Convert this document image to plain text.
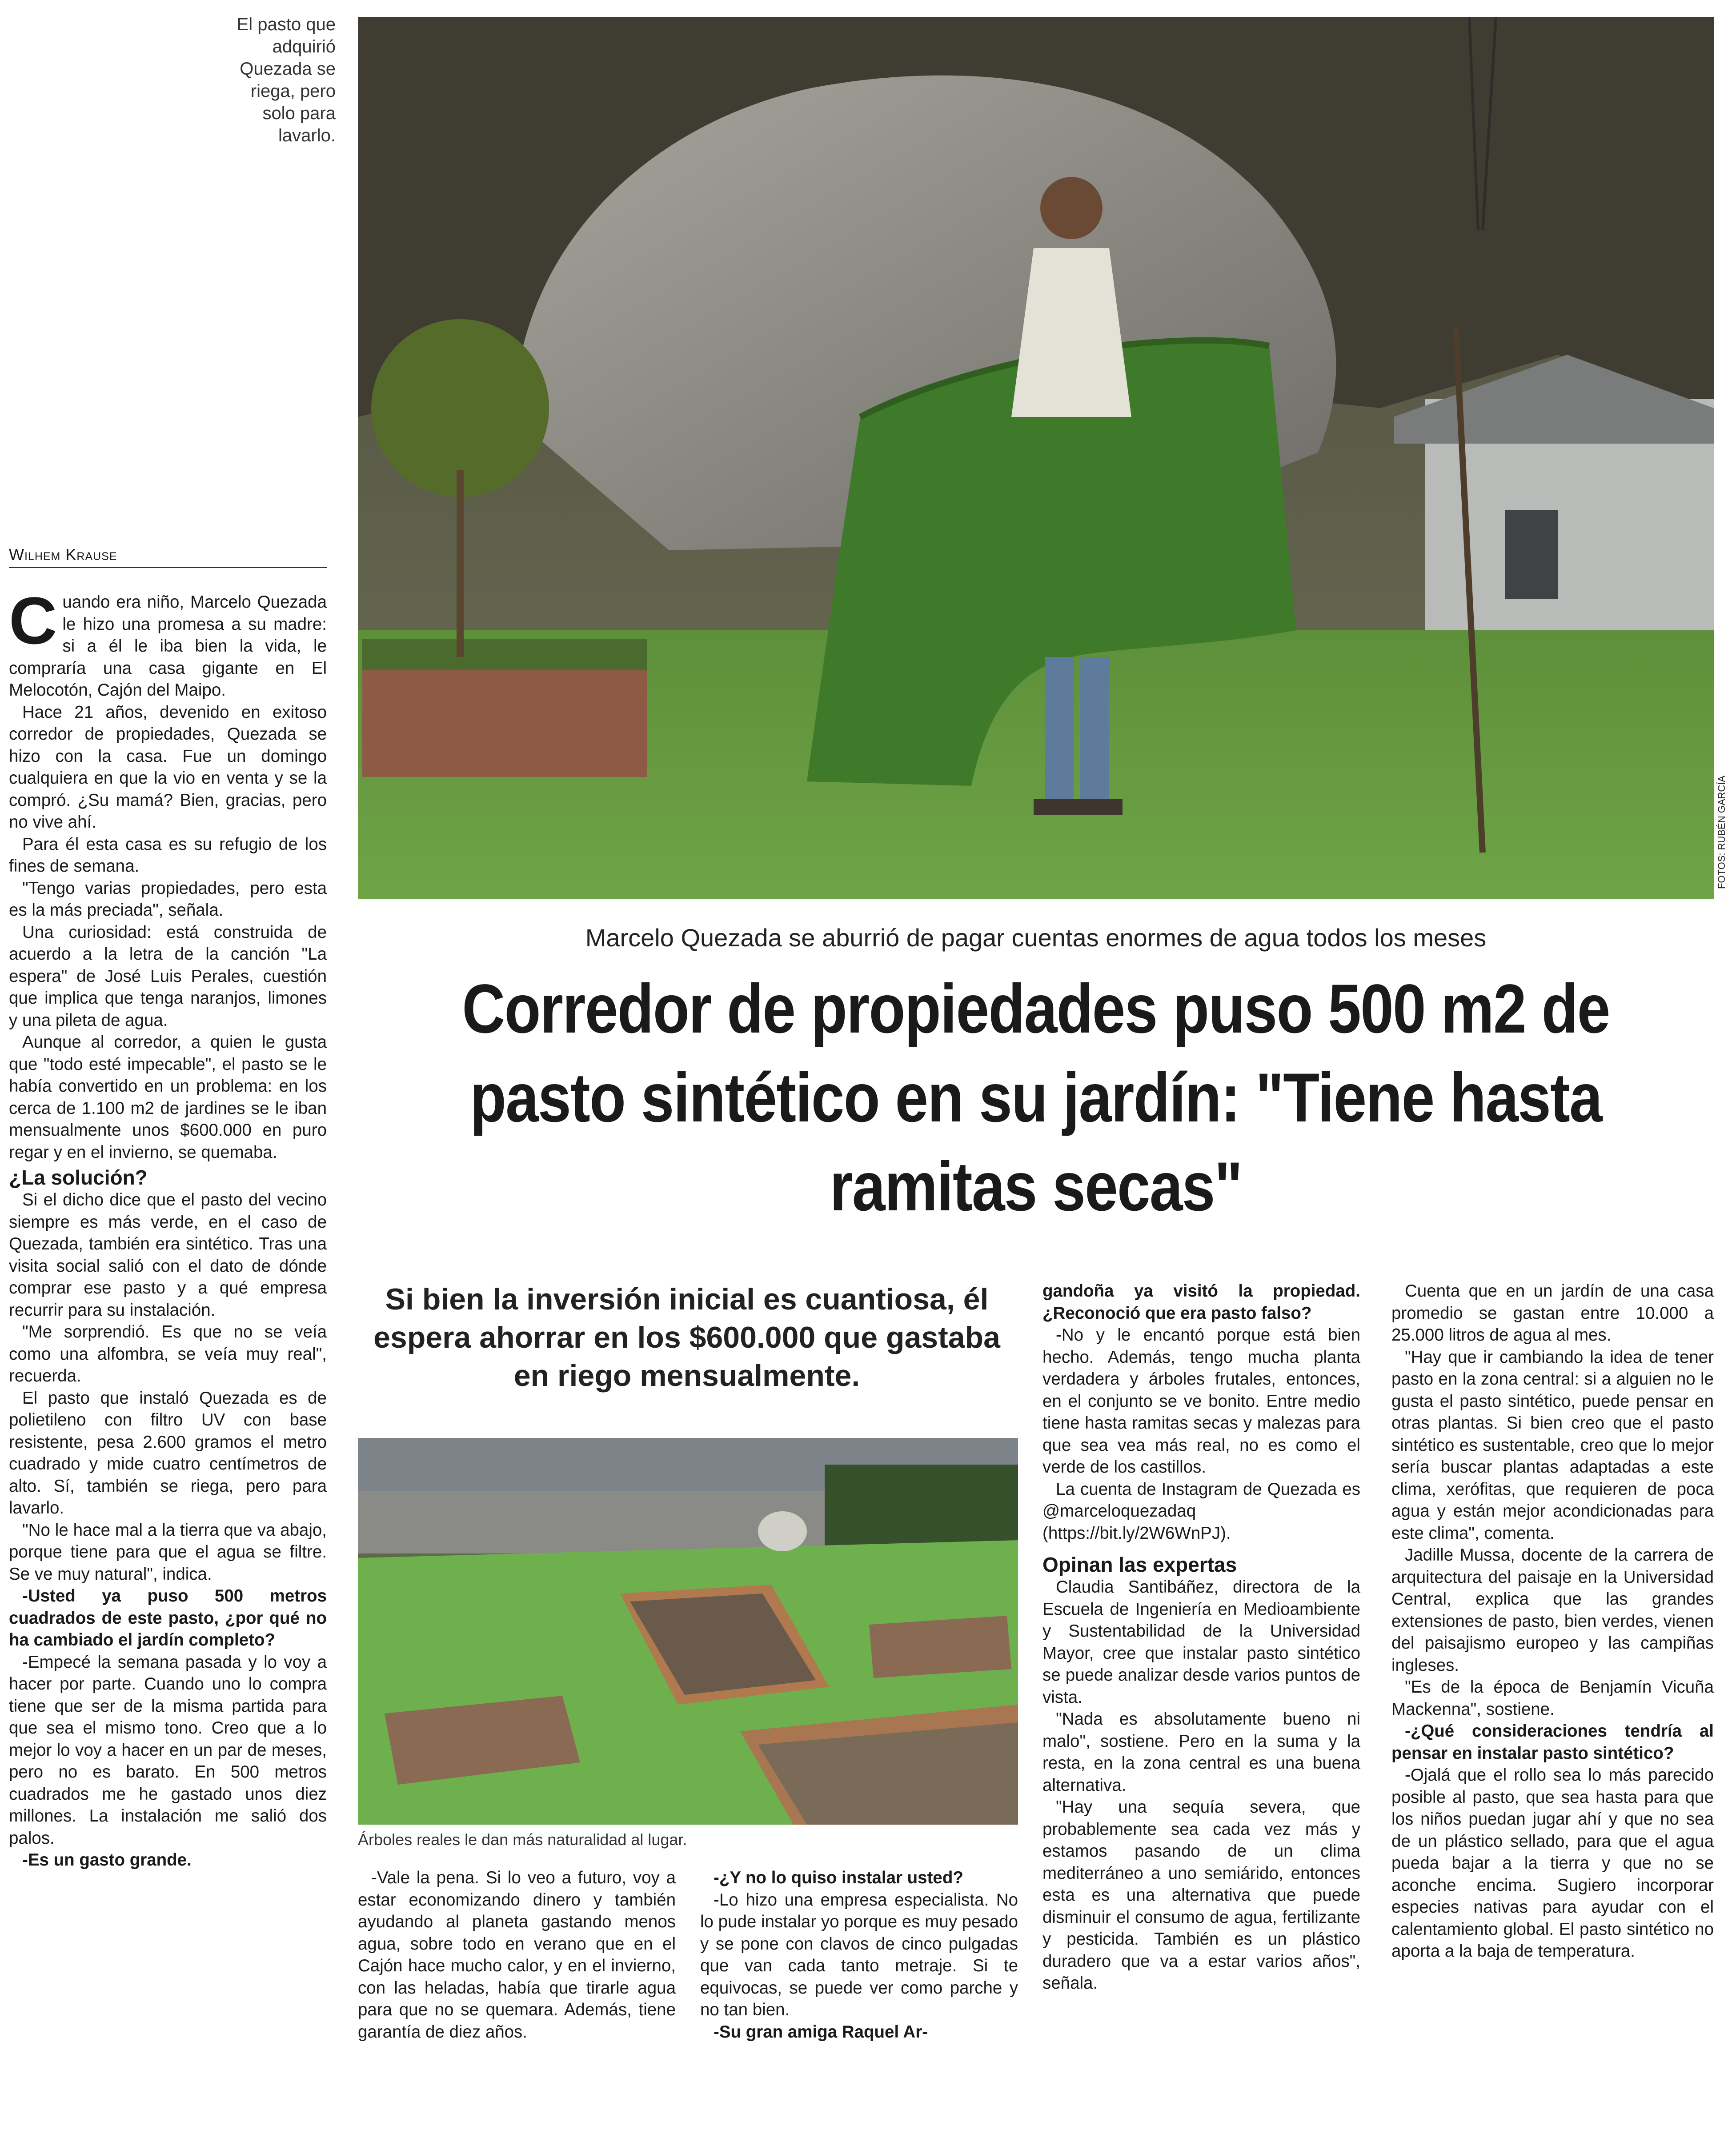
El pasto que adquirió Quezada se riega, pero solo para lavarlo.
FOTOS: RUBÉN GARCÍA
Wilhem Krause
Marcelo Quezada se aburrió de pagar cuentas enormes de agua todos los meses
Corredor de propiedades puso 500 m2 de pasto sintético en su jardín: "Tiene hasta ramitas secas"
Si bien la inversión inicial es cuantiosa, él espera ahorrar en los $600.000 que gastaba en riego mensualmente.
Árboles reales le dan más naturalidad al lugar.

Cuando era niño, Marcelo Quezada le hizo una promesa a su madre: si a él le iba bien la vida, le compraría una casa gigante en El Melocotón, Cajón del Maipo.

Hace 21 años, devenido en exitoso corredor de propiedades, Quezada se hizo con la casa. Fue un domingo cualquiera en que la vio en venta y se la compró. ¿Su mamá? Bien, gracias, pero no vive ahí.

Para él esta casa es su refugio de los fines de semana.

"Tengo varias propiedades, pero esta es la más preciada", señala.

Una curiosidad: está construida de acuerdo a la letra de la canción "La espera" de José Luis Perales, cuestión que implica que tenga naranjos, limones y una pileta de agua.

Aunque al corredor, a quien le gusta que "todo esté impecable", el pasto se le había convertido en un problema: en los cerca de 1.100 m2 de jardines se le iban mensualmente unos $600.000 en puro regar y en el invierno, se quemaba.

¿La solución?

Si el dicho dice que el pasto del vecino siempre es más verde, en el caso de Quezada, también era sintético. Tras una visita social salió con el dato de dónde comprar ese pasto y a qué empresa recurrir para su instalación.

"Me sorprendió. Es que no se veía como una alfombra, se veía muy real", recuerda.

El pasto que instaló Quezada es de polietileno con filtro UV con base resistente, pesa 2.600 gramos el metro cuadrado y mide cuatro centímetros de alto. Sí, también se riega, pero para lavarlo.

"No le hace mal a la tierra que va abajo, porque tiene para que el agua se filtre. Se ve muy natural", indica.

-Usted ya puso 500 metros cuadrados de este pasto, ¿por qué no ha cambiado el jardín completo?

-Empecé la semana pasada y lo voy a hacer por parte. Cuando uno lo compra tiene que ser de la misma partida para que sea el mismo tono. Creo que a lo mejor lo voy a hacer en un par de meses, pero no es barato. En 500 metros cuadrados me he gastado unos diez millones. La instalación me salió dos palos.

-Es un gasto grande.

-Vale la pena. Si lo veo a futuro, voy a estar economizando dinero y también ayudando al planeta gastando menos agua, sobre todo en verano que en el Cajón hace mucho calor, y en el invierno, con las heladas, había que tirarle agua para que no se quemara. Además, tiene garantía de diez años.

-¿Y no lo quiso instalar usted?

-Lo hizo una empresa especialista. No lo pude instalar yo porque es muy pesado y se pone con clavos de cinco pulgadas que van cada tanto metraje. Si te equivocas, se puede ver como parche y no tan bien.

-Su gran amiga Raquel Ar-

gandoña ya visitó la propiedad. ¿Reconoció que era pasto falso?

-No y le encantó porque está bien hecho. Además, tengo mucha planta verdadera y árboles frutales, entonces, en el conjunto se ve bonito. Entre medio tiene hasta ramitas secas y malezas para que sea vea más real, no es como el verde de los castillos.

La cuenta de Instagram de Quezada es @marceloquezadaq (https://bit.ly/2W6WnPJ).

Opinan las expertas

Claudia Santibáñez, directora de la Escuela de Ingeniería en Medioambiente y Sustentabilidad de la Universidad Mayor, cree que instalar pasto sintético se puede analizar desde varios puntos de vista.

"Nada es absolutamente bueno ni malo", sostiene. Pero en la suma y la resta, en la zona central es una buena alternativa.

"Hay una sequía severa, que probablemente sea cada vez más y estamos pasando de un clima mediterráneo a uno semiárido, entonces esta es una alternativa que puede disminuir el consumo de agua, fertilizante y pesticida. También es un plástico duradero que va a estar varios años", señala.

Cuenta que en un jardín de una casa promedio se gastan entre 10.000 a 25.000 litros de agua al mes.

"Hay que ir cambiando la idea de tener pasto en la zona central: si a alguien no le gusta el pasto sintético, puede pensar en otras plantas. Si bien creo que el pasto sintético es sustentable, creo que lo mejor sería buscar plantas adaptadas a este clima, xerófitas, que requieren de poca agua y están mejor acondicionadas para este clima", comenta.

Jadille Mussa, docente de la carrera de arquitectura del paisaje en la Universidad Central, explica que las grandes extensiones de pasto, bien verdes, vienen del paisajismo europeo y las campiñas ingleses.

"Es de la época de Benjamín Vicuña Mackenna", sostiene.

-¿Qué consideraciones tendría al pensar en instalar pasto sintético?

-Ojalá que el rollo sea lo más parecido posible al pasto, que sea hasta para que los niños puedan jugar ahí y que no sea de un plástico sellado, para que el agua pueda bajar a la tierra y que no se aconche encima. Sugiero incorporar especies nativas para ayudar con el calentamiento global. El pasto sintético no aporta a la baja de temperatura.
